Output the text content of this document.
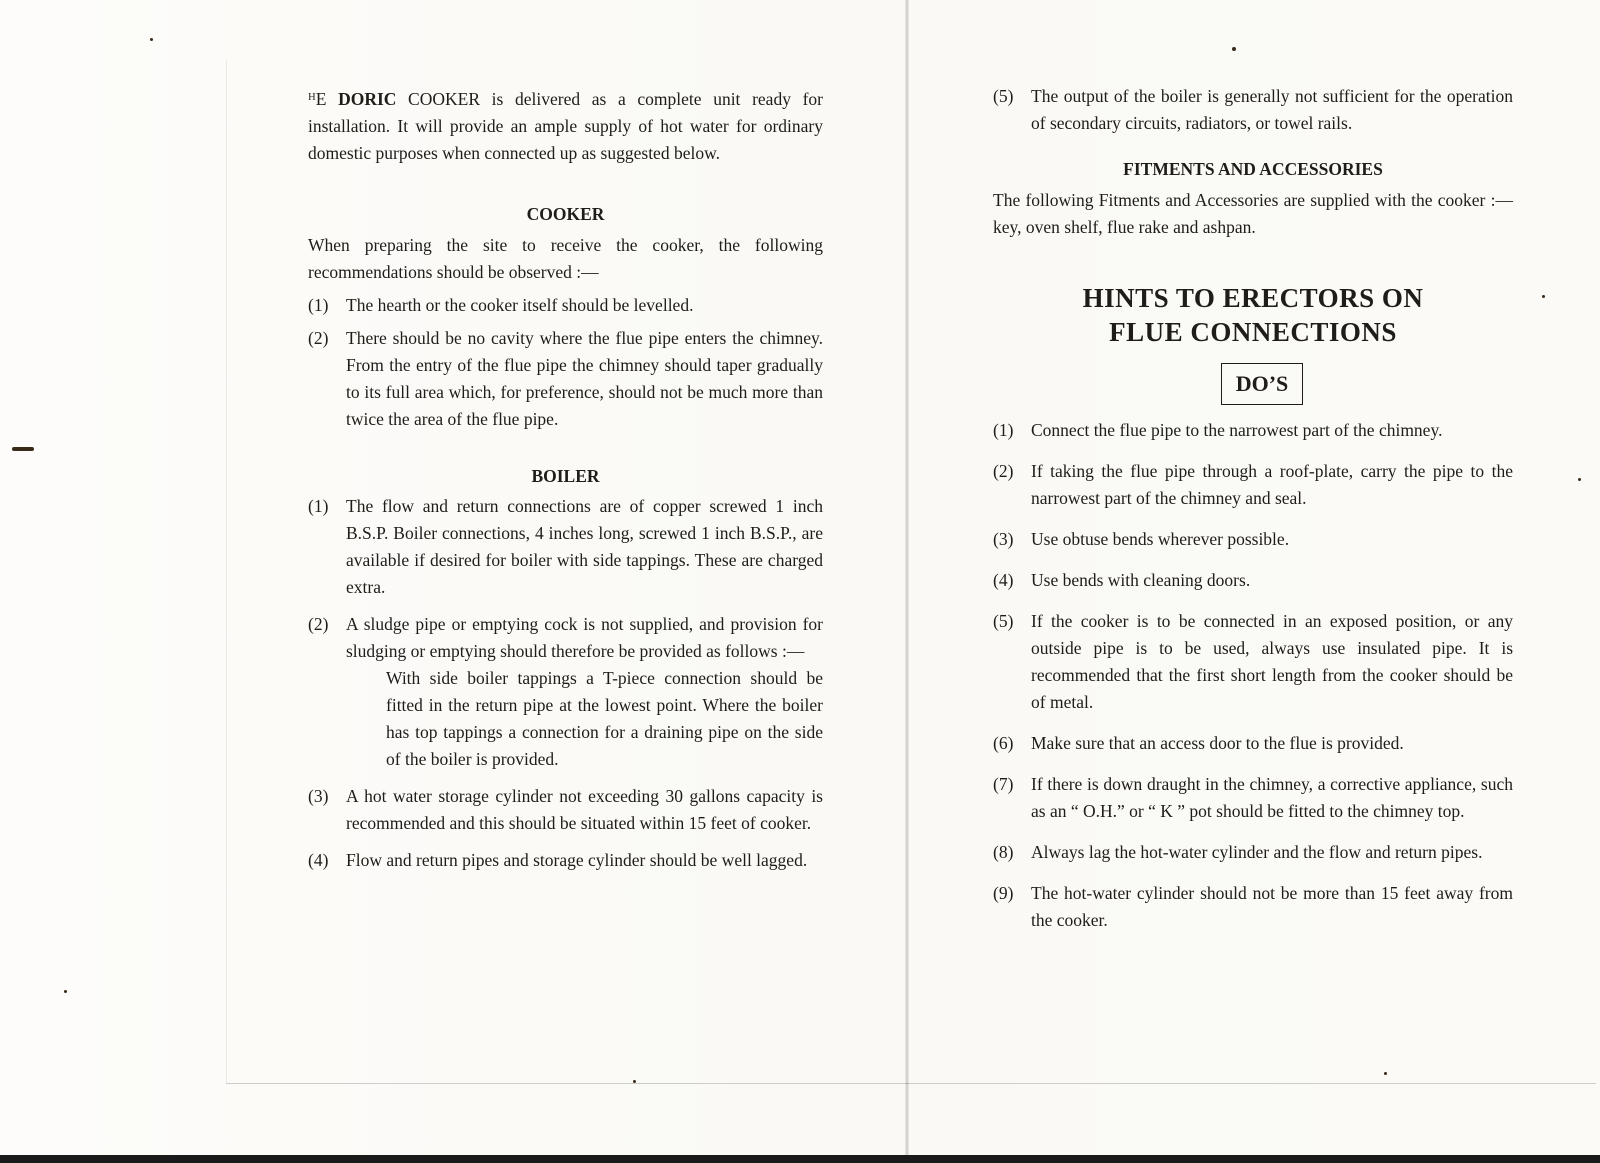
ᴴE DORIC COOKER is delivered as a complete unit ready for installation. It will provide an ample supply of hot water for ordinary domestic purposes when connected up as suggested below.

COOKER

When preparing the site to receive the cooker, the following recommendations should be observed :—

(1)	The hearth or the cooker itself should be levelled.
(2)	There should be no cavity where the flue pipe enters the chimney. From the entry of the flue pipe the chimney should taper gradually to its full area which, for preference, should not be much more than twice the area of the flue pipe.

BOILER

(1)	The flow and return connections are of copper screwed 1 inch B.S.P. Boiler connections, 4 inches long, screwed 1 inch B.S.P., are available if desired for boiler with side tappings. These are charged extra.
(2)	A sludge pipe or emptying cock is not supplied, and provision for sludging or emptying should therefore be provided as follows :—

With side boiler tappings a T-piece connection should be fitted in the return pipe at the lowest point. Where the boiler has top tappings a connection for a draining pipe on the side of the boiler is provided.

(3)	A hot water storage cylinder not exceeding 30 gallons capacity is recommended and this should be situated within 15 feet of cooker.
(4)	Flow and return pipes and storage cylinder should be well lagged.
(5)	The output of the boiler is generally not sufficient for the operation of secondary circuits, radiators, or towel rails.

FITMENTS AND ACCESSORIES

The following Fitments and Accessories are supplied with the cooker :—key, oven shelf, flue rake and ashpan.

HINTS TO ERECTORS ON

FLUE CONNECTIONS

DO’S
(1)	Connect the flue pipe to the narrowest part of the chimney.
(2)	If taking the flue pipe through a roof-plate, carry the pipe to the narrowest part of the chimney and seal.
(3)	Use obtuse bends wherever possible.
(4)	Use bends with cleaning doors.
(5)	If the cooker is to be connected in an exposed position, or any outside pipe is to be used, always use insulated pipe. It is recommended that the first short length from the cooker should be of metal.
(6)	Make sure that an access door to the flue is provided.
(7)	If there is down draught in the chimney, a corrective appliance, such as an “ O.H.” or “ K ” pot should be fitted to the chimney top.
(8)	Always lag the hot-water cylinder and the flow and return pipes.
(9)	The hot-water cylinder should not be more than 15 feet away from the cooker.
